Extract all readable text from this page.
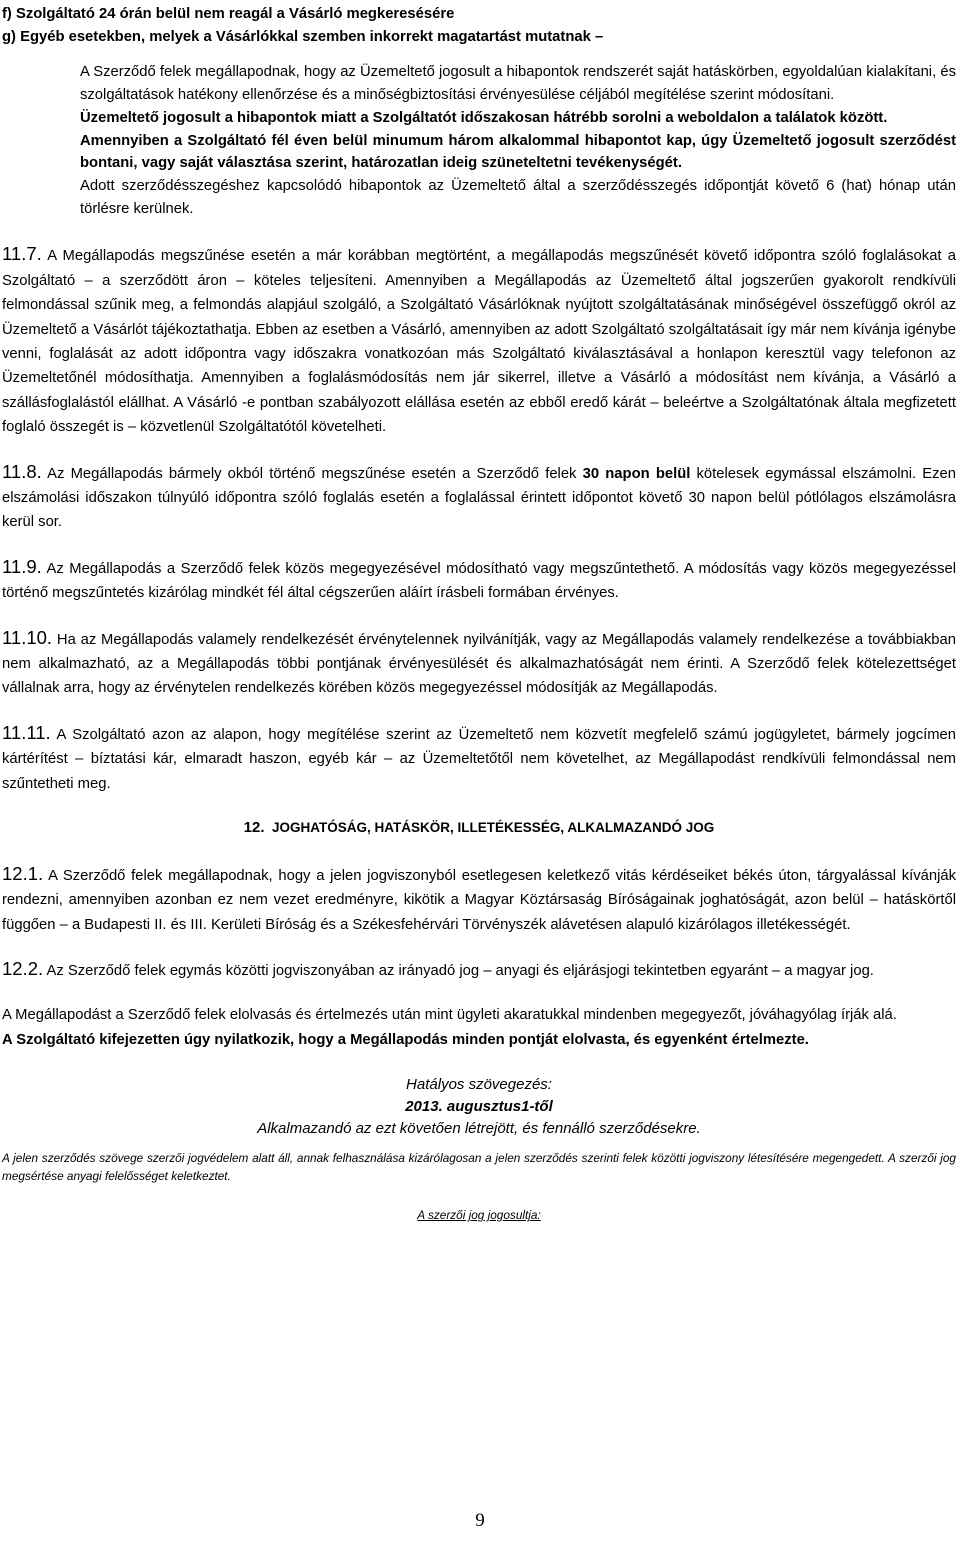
f) Szolgáltató 24 órán belül nem reagál a Vásárló megkeresésére
g) Egyéb esetekben, melyek a Vásárlókkal szemben inkorrekt magatartást mutatnak –

A Szerződő felek megállapodnak, hogy az Üzemeltető jogosult a hibapontok rendszerét saját hatáskörben, egyoldalúan kialakítani, és szolgáltatások hatékony ellenőrzése és a minőségbiztosítási érvényesülése céljából megítélése szerint módosítani.

Üzemeltető jogosult a hibapontok miatt a Szolgáltatót időszakosan hátrébb sorolni a weboldalon a találatok között.

Amennyiben a Szolgáltató fél éven belül minumum három alkalommal hibapontot kap, úgy Üzemeltető jogosult szerződést bontani, vagy saját választása szerint, határozatlan ideig szüneteltetni tevékenységét.

Adott szerződésszegéshez kapcsolódó hibapontok az Üzemeltető által a szerződésszegés időpontját követő 6 (hat) hónap után törlésre kerülnek.

11.7. A Megállapodás megszűnése esetén a már korábban megtörtént, a megállapodás megszűnését követő időpontra szóló foglalásokat a Szolgáltató – a szerződött áron – köteles teljesíteni. Amennyiben a Megállapodás az Üzemeltető által jogszerűen gyakorolt rendkívüli felmondással szűnik meg, a felmondás alapjául szolgáló, a Szolgáltató Vásárlóknak nyújtott szolgáltatásának minőségével összefüggő okról az Üzemeltető a Vásárlót tájékoztathatja. Ebben az esetben a Vásárló, amennyiben az adott Szolgáltató szolgáltatásait így már nem kívánja igénybe venni, foglalását az adott időpontra vagy időszakra vonatkozóan más Szolgáltató kiválasztásával a honlapon keresztül vagy telefonon az Üzemeltetőnél módosíthatja. Amennyiben a foglalásmódosítás nem jár sikerrel, illetve a Vásárló a módosítást nem kívánja, a Vásárló a szállásfoglalástól elállhat. A Vásárló -e pontban szabályozott elállása esetén az ebből eredő kárát – beleértve a Szolgáltatónak általa megfizetett foglaló összegét is – közvetlenül Szolgáltatótól követelheti.

11.8. Az Megállapodás bármely okból történő megszűnése esetén a Szerződő felek 30 napon belül kötelesek egymással elszámolni. Ezen elszámolási időszakon túlnyúló időpontra szóló foglalás esetén a foglalással érintett időpontot követő 30 napon belül pótlólagos elszámolásra kerül sor.

11.9. Az Megállapodás a Szerződő felek közös megegyezésével módosítható vagy megszűntethető. A módosítás vagy közös megegyezéssel történő megszűntetés kizárólag mindkét fél által cégszerűen aláírt írásbeli formában érvényes.

11.10. Ha az Megállapodás valamely rendelkezését érvénytelennek nyilvánítják, vagy az Megállapodás valamely rendelkezése a továbbiakban nem alkalmazható, az a Megállapodás többi pontjának érvényesülését és alkalmazhatóságát nem érinti. A Szerződő felek kötelezettséget vállalnak arra, hogy az érvénytelen rendelkezés körében közös megegyezéssel módosítják az Megállapodás.

11.11. A Szolgáltató azon az alapon, hogy megítélése szerint az Üzemeltető nem közvetít megfelelő számú jogügyletet, bármely jogcímen kártérítést – bíztatási kár, elmaradt haszon, egyéb kár – az Üzemeltetőtől nem követelhet, az Megállapodást rendkívüli felmondással nem szűntetheti meg.

12. JOGHATÓSÁG, HATÁSKÖR, ILLETÉKESSÉG, ALKALMAZANDÓ JOG

12.1. A Szerződő felek megállapodnak, hogy a jelen jogviszonyból esetlegesen keletkező vitás kérdéseiket békés úton, tárgyalással kívánják rendezni, amennyiben azonban ez nem vezet eredményre, kikötik a Magyar Köztársaság Bíróságainak joghatóságát, azon belül – hatáskörtől függően – a Budapesti II. és III. Kerületi Bíróság és a Székesfehérvári Törvényszék alávetésen alapuló kizárólagos illetékességét.

12.2. Az Szerződő felek egymás közötti jogviszonyában az irányadó jog – anyagi és eljárásjogi tekintetben egyaránt – a magyar jog.

A Megállapodást a Szerződő felek elolvasás és értelmezés után mint ügyleti akaratukkal mindenben megegyezőt, jóváhagyólag írják alá.

A Szolgáltató kifejezetten úgy nyilatkozik, hogy a Megállapodás minden pontját elolvasta, és egyenként értelmezte.

Hatályos szövegezés:
2013. augusztus1-től
Alkalmazandó az ezt követően létrejött, és fennálló szerződésekre.

A jelen szerződés szövege szerzői jogvédelem alatt áll, annak felhasználása kizárólagosan a jelen szerződés szerinti felek közötti jogviszony létesítésére megengedett. A szerzői jog megsértése anyagi felelősséget keletkeztet.

A szerzői jog jogosultja:

9
